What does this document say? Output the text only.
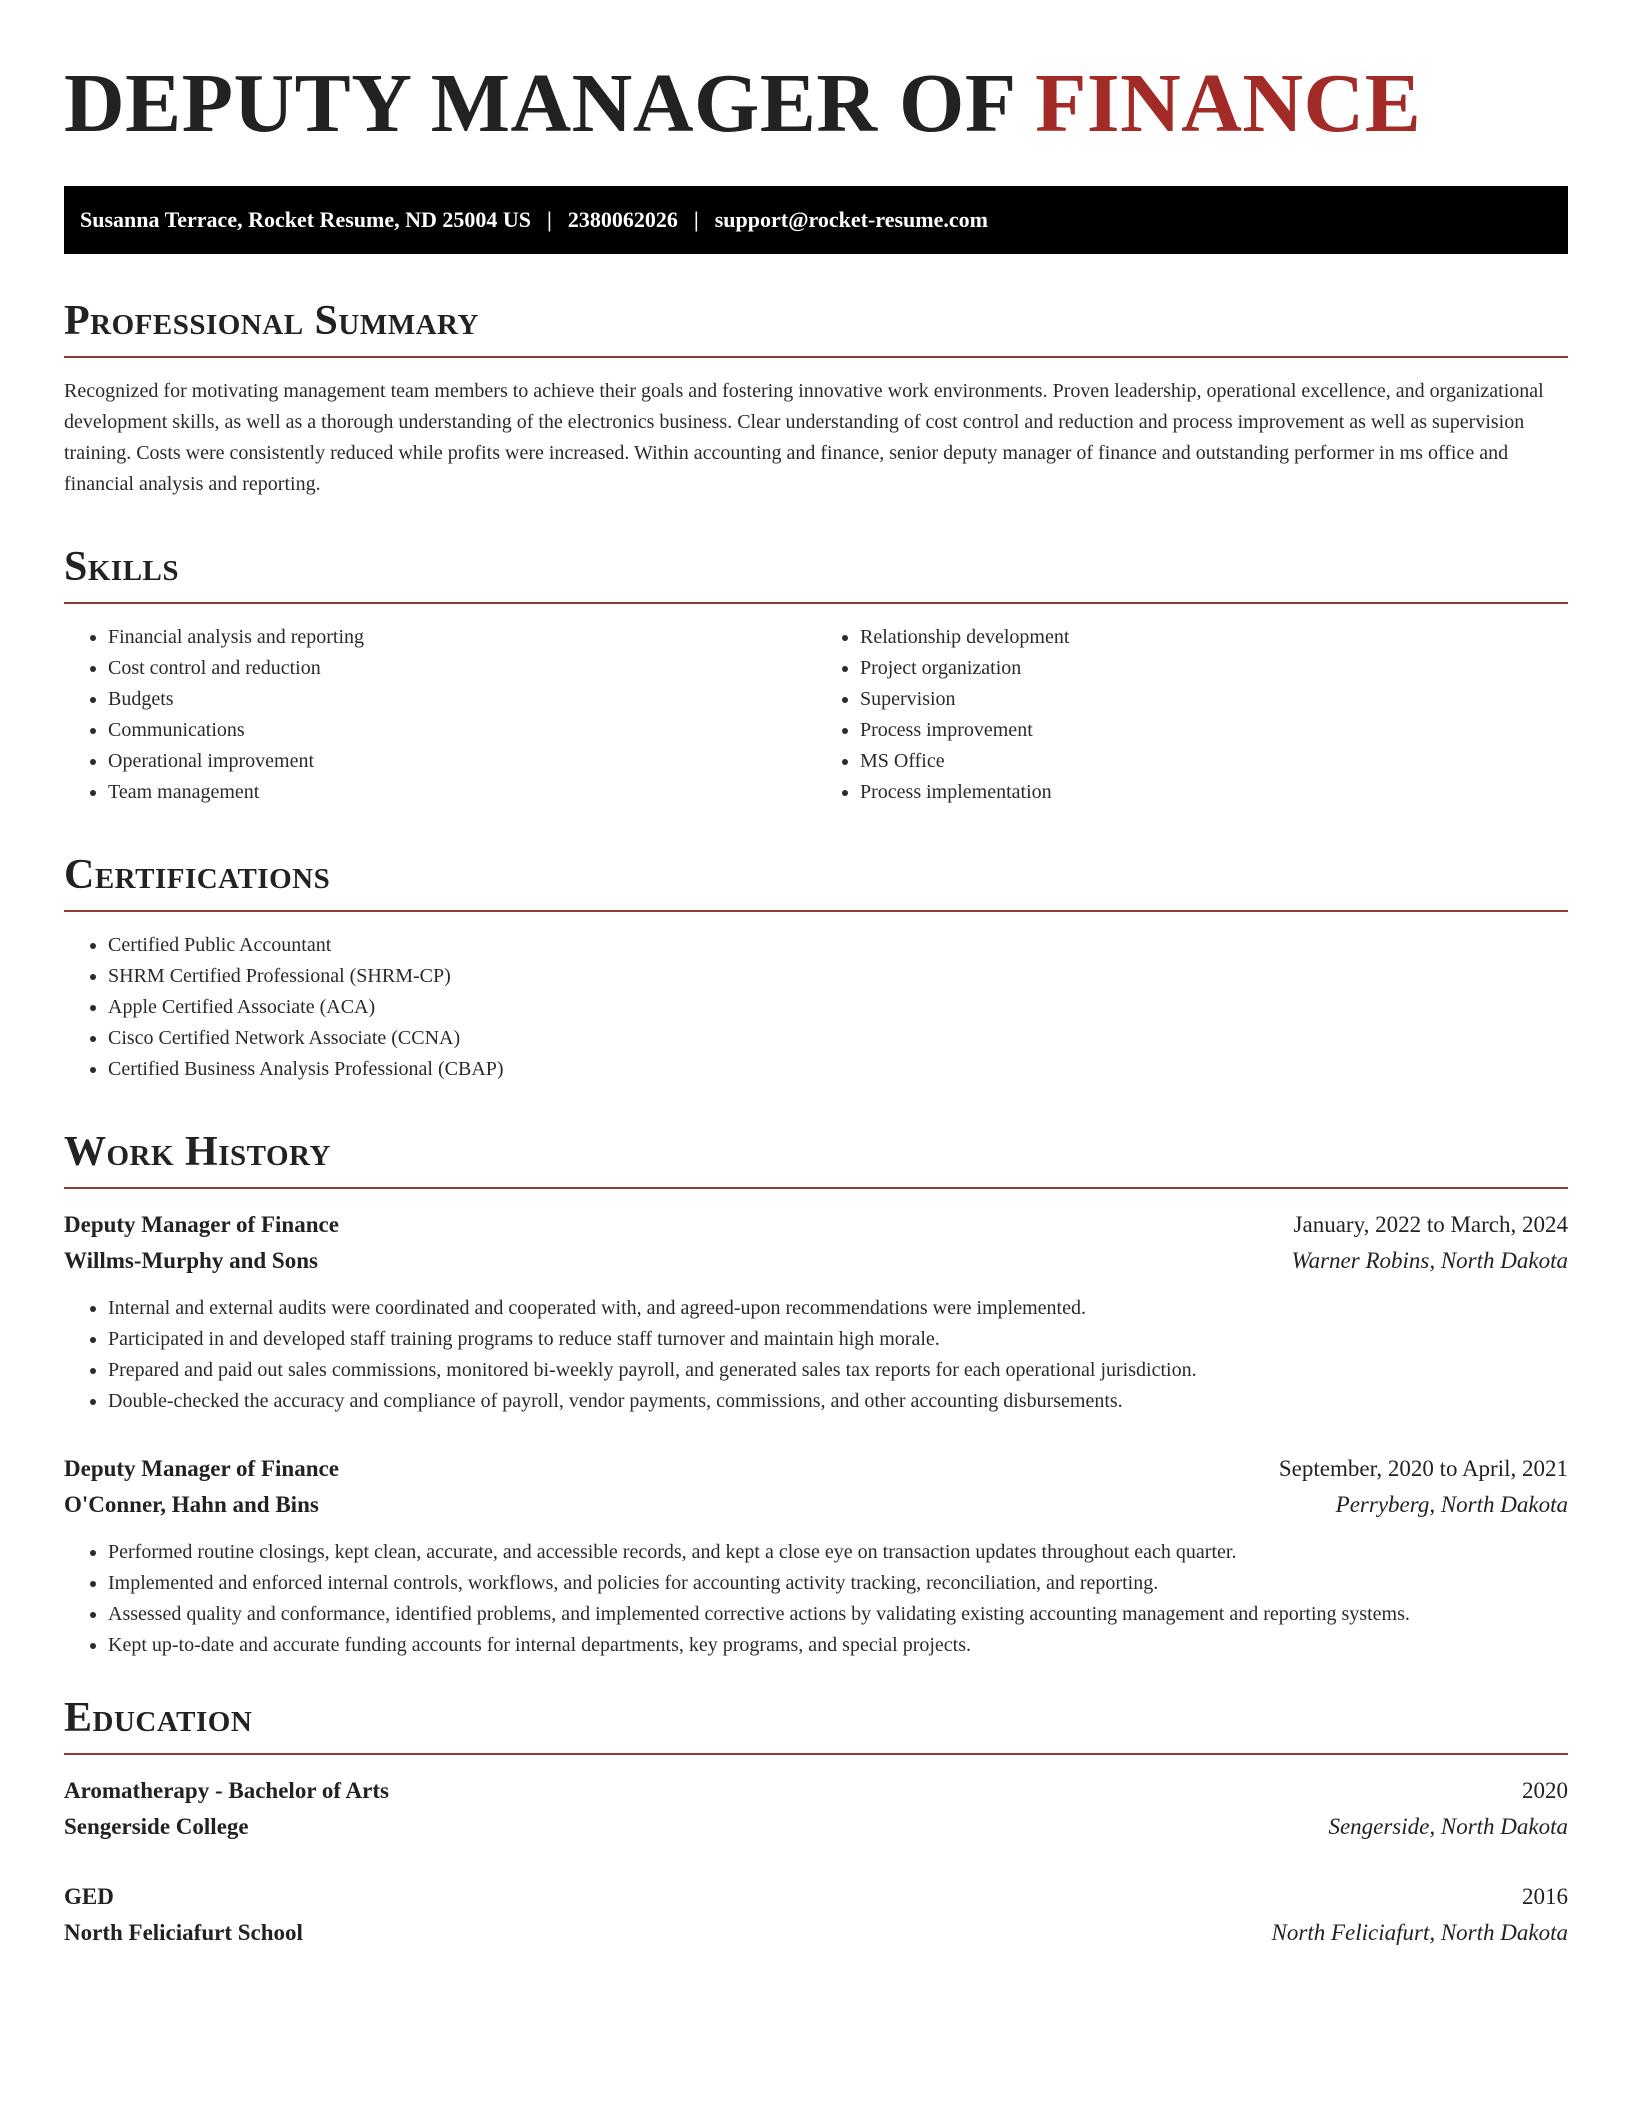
DEPUTY MANAGER OF FINANCE
Susanna Terrace, Rocket Resume, ND 25004 US | 2380062026 | support@rocket-resume.com
Professional Summary

Recognized for motivating management team members to achieve their goals and fostering innovative work environments. Proven leadership, operational excellence, and organizational development skills, as well as a thorough understanding of the electronics business. Clear understanding of cost control and reduction and process improvement as well as supervision training. Costs were consistently reduced while profits were increased. Within accounting and finance, senior deputy manager of finance and outstanding performer in ms office and financial analysis and reporting.

Skills
• Financial analysis and reporting
• Cost control and reduction
• Budgets
• Communications
• Operational improvement
• Team management
• Relationship development
• Project organization
• Supervision
• Process improvement
• MS Office
• Process implementation
Certifications
• Certified Public Accountant
• SHRM Certified Professional (SHRM-CP)
• Apple Certified Associate (ACA)
• Cisco Certified Network Associate (CCNA)
• Certified Business Analysis Professional (CBAP)
Work History
Deputy Manager of Finance	January, 2022 to March, 2024
Willms-Murphy and Sons	Warner Robins, North Dakota
• Internal and external audits were coordinated and cooperated with, and agreed-upon recommendations were implemented.
• Participated in and developed staff training programs to reduce staff turnover and maintain high morale.
• Prepared and paid out sales commissions, monitored bi-weekly payroll, and generated sales tax reports for each operational jurisdiction.
• Double-checked the accuracy and compliance of payroll, vendor payments, commissions, and other accounting disbursements.
Deputy Manager of Finance	September, 2020 to April, 2021
O'Conner, Hahn and Bins	Perryberg, North Dakota
• Performed routine closings, kept clean, accurate, and accessible records, and kept a close eye on transaction updates throughout each quarter.
• Implemented and enforced internal controls, workflows, and policies for accounting activity tracking, reconciliation, and reporting.
• Assessed quality and conformance, identified problems, and implemented corrective actions by validating existing accounting management and reporting systems.
• Kept up-to-date and accurate funding accounts for internal departments, key programs, and special projects.
Education
Aromatherapy - Bachelor of Arts	2020
Sengerside College	Sengerside, North Dakota
GED	2016
North Feliciafurt School	North Feliciafurt, North Dakota
